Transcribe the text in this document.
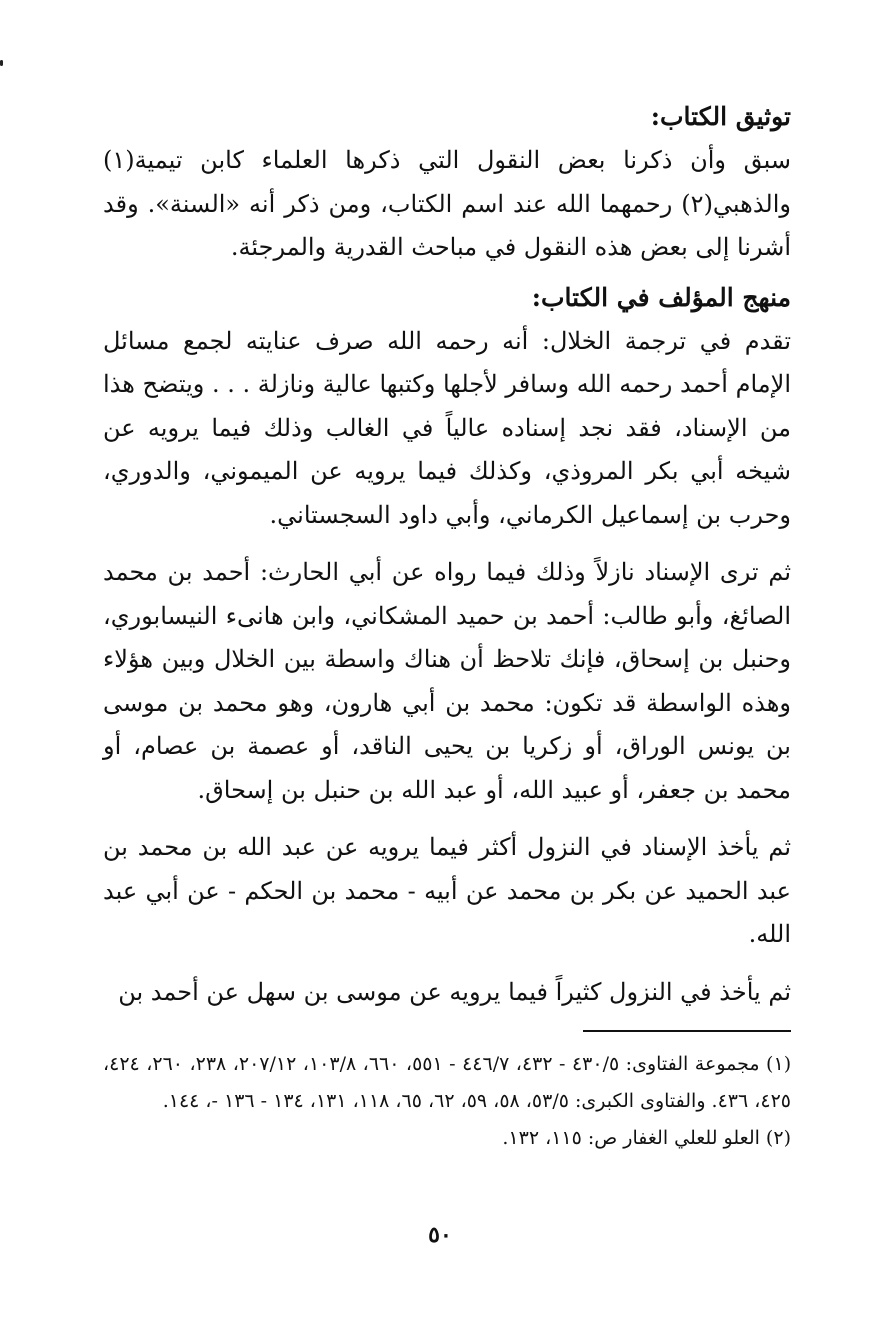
توثيق الكتاب:

سبق وأن ذكرنا بعض النقول التي ذكرها العلماء كابن تيمية(١) والذهبي(٢) رحمهما الله عند اسم الكتاب، ومن ذكر أنه «السنة». وقد أشرنا إلى بعض هذه النقول في مباحث القدرية والمرجئة.

منهج المؤلف في الكتاب:

تقدم في ترجمة الخلال: أنه رحمه الله صرف عنايته لجمع مسائل الإمام أحمد رحمه الله وسافر لأجلها وكتبها عالية ونازلة . . . ويتضح هذا من الإسناد، فقد نجد إسناده عالياً في الغالب وذلك فيما يرويه عن شيخه أبي بكر المروذي، وكذلك فيما يرويه عن الميموني، والدوري، وحرب بن إسماعيل الكرماني، وأبي داود السجستاني.

ثم ترى الإسناد نازلاً وذلك فيما رواه عن أبي الحارث: أحمد بن محمد الصائغ، وأبو طالب: أحمد بن حميد المشكاني، وابن هانىء النيسابوري، وحنبل بن إسحاق، فإنك تلاحظ أن هناك واسطة بين الخلال وبين هؤلاء وهذه الواسطة قد تكون: محمد بن أبي هارون، وهو محمد بن موسى بن يونس الوراق، أو زكريا بن يحيى الناقد، أو عصمة بن عصام، أو محمد بن جعفر، أو عبيد الله، أو عبد الله بن حنبل بن إسحاق.

ثم يأخذ الإسناد في النزول أكثر فيما يرويه عن عبد الله بن محمد بن عبد الحميد عن بكر بن محمد عن أبيه - محمد بن الحكم - عن أبي عبد الله.

ثم يأخذ في النزول كثيراً فيما يرويه عن موسى بن سهل عن أحمد بن

(١) مجموعة الفتاوى: ٤٣٠/٥ - ٤٣٢، ٤٤٦/٧ - ٥٥١، ٦٦٠، ١٠٣/٨، ٢٠٧/١٢، ٢٣٨، ٢٦٠، ٤٢٤، ٤٢٥، ٤٣٦. والفتاوى الكبرى: ٥٣/٥، ٥٨، ٥٩، ٦٢، ٦٥، ١١٨، ١٣١، ١٣٤ - ١٣٦ -، ١٤٤.

(٢) العلو للعلي الغفار ص: ١١٥، ١٣٢.

٥٠
